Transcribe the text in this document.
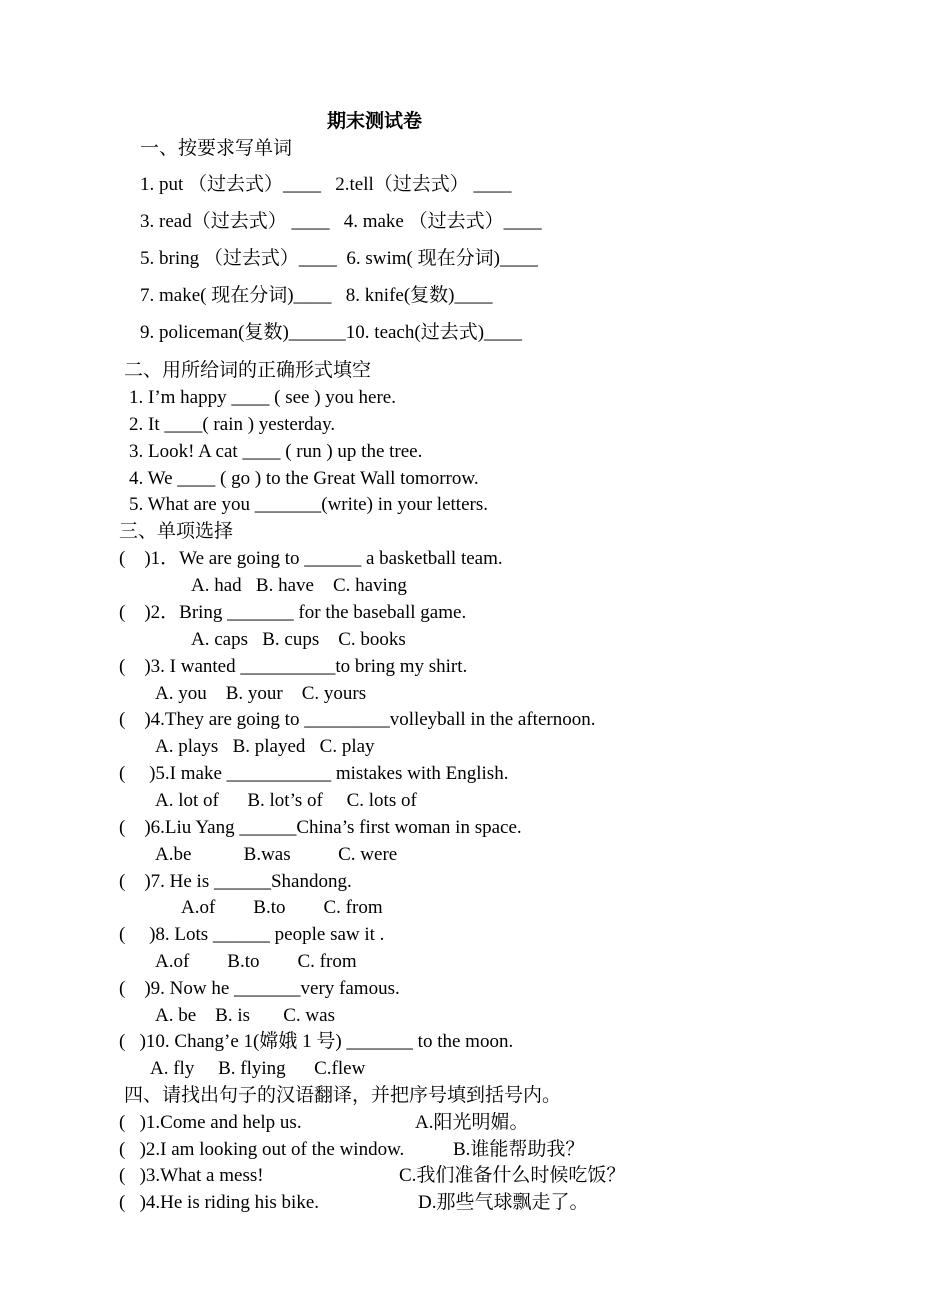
期末测试卷
一、按要求写单词
1. put （过去式）____   2.tell（过去式） ____
3. read（过去式） ____   4. make （过去式）____
5. bring （过去式）____  6. swim( 现在分词)____
7. make( 现在分词)____   8. knife(复数)____
9. policeman(复数)______10. teach(过去式)____
二、用所给词的正确形式填空
1. I’m happy ____ ( see ) you here.
2. It ____( rain ) yesterday.
3. Look! A cat ____ ( run ) up the tree.
4. We ____ ( go ) to the Great Wall tomorrow.
5. What are you _______(write) in your letters.
三、单项选择
(    )1．We are going to ______ a basketball team.
A. had   B. have    C. having
(    )2．Bring _______ for the baseball game.
A. caps   B. cups    C. books
(    )3. I wanted __________to bring my shirt.
A. you    B. your    C. yours
(    )4.They are going to _________volleyball in the afternoon.
A. plays   B. played   C. play
(     )5.I make ___________ mistakes with English.
A. lot of      B. lot’s of     C. lots of
(    )6.Liu Yang ______China’s first woman in space.
A.be           B.was          C. were
(    )7. He is ______Shandong.
A.of        B.to        C. from
(     )8. Lots ______ people saw it .
A.of        B.to        C. from
(    )9. Now he _______very famous.
A. be    B. is       C. was
(   )10. Chang’e 1(嫦娥 1 号) _______ to the moon.
A. fly     B. flying      C.flew
四、请找出句子的汉语翻译，并把序号填到括号内。
(   )1.Come and help us.	A.阳光明媚。
(   )2.I am looking out of the window.	B.谁能帮助我？
(   )3.What a mess!	C.我们准备什么时候吃饭？
(   )4.He is riding his bike.	D.那些气球飘走了。
